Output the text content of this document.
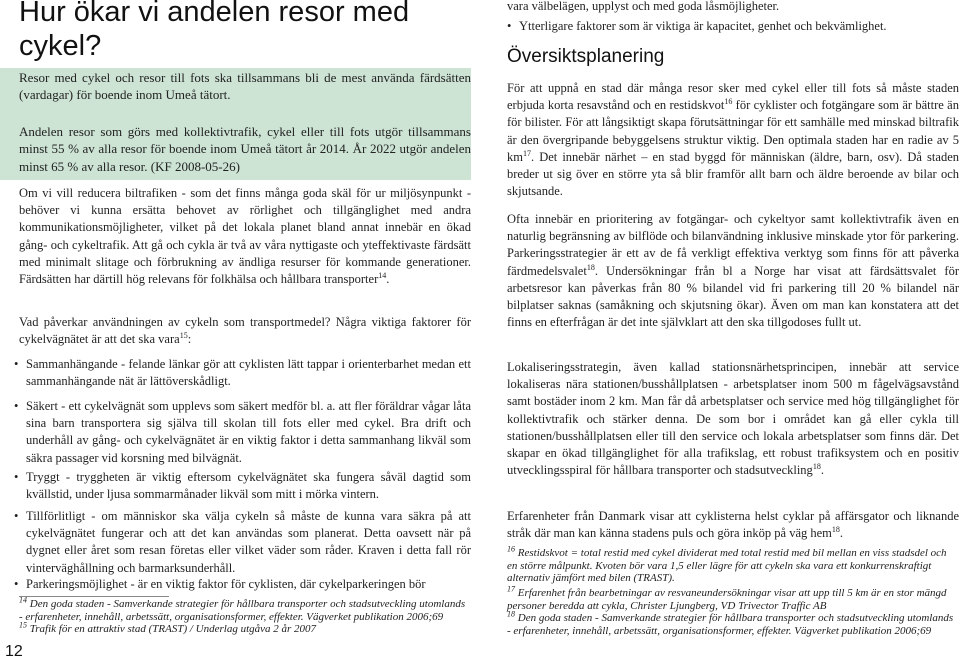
Hur ökar vi andelen resor med cykel?

Resor med cykel och resor till fots ska tillsammans bli de mest använda färdsätten (vardagar) för boende inom Umeå tätort.

Andelen resor som görs med kollektivtrafik, cykel eller till fots utgör tillsammans minst 55 % av alla resor för boende inom Umeå tätort år 2014. År 2022 utgör andelen minst 65 % av alla resor. (KF 2008-05-26)

Om vi vill reducera biltrafiken - som det finns många goda skäl för ur miljösynpunkt - behöver vi kunna ersätta behovet av rörlighet och tillgänglighet med andra kommunikationsmöjligheter, vilket på det lokala planet bland annat innebär en ökad gång- och cykeltrafik. Att gå och cykla är två av våra nyttigaste och yteffektivaste färdsätt med minimalt slitage och förbrukning av ändliga resurser för kommande generationer. Färdsätten har därtill hög relevans för folkhälsa och hållbara transporter$^{14}$.

Vad påverkar användningen av cykeln som transportmedel? Några viktiga faktorer för cykelvägnätet är att det ska vara$^{15}$:

• Sammanhängande - felande länkar gör att cyklisten lätt tappar i orienterbarhet medan ett sammanhängande nät är lättöverskådligt.
• Säkert - ett cykelvägnät som upplevs som säkert medför bl. a. att fler föräldrar vågar låta sina barn transportera sig själva till skolan till fots eller med cykel. Bra drift och underhåll av gång- och cykelvägnätet är en viktig faktor i detta sammanhang likväl som säkra passager vid korsning med bilvägnät.
• Tryggt - tryggheten är viktig eftersom cykelvägnätet ska fungera såväl dagtid som kvällstid, under ljusa sommarmånader likväl som mitt i mörka vintern.
• Tillförlitligt - om människor ska välja cykeln så måste de kunna vara säkra på att cykelvägnätet fungerar och att det kan användas som planerat. Detta oavsett när på dygnet eller året som resan företas eller vilket väder som råder. Kraven i detta fall rör vinterväghållning och barmarksunderhåll.
• Parkeringsmöjlighet - är en viktig faktor för cyklisten, där cykelparkeringen bör

$^{14}$ Den goda staden - Samverkande strategier för hållbara transporter och stadsutveckling utomlands - erfarenheter, innehåll, arbetssätt, organisationsformer, effekter. Vägverket publikation 2006;69

$^{15}$ Trafik för en attraktiv stad (TRAST) / Underlag utgåva 2 år 2007

12

vara välbelägen, upplyst och med goda låsmöjligheter.

• Ytterligare faktorer som är viktiga är kapacitet, genhet och bekvämlighet.
Översiktsplanering

För att uppnå en stad där många resor sker med cykel eller till fots så måste staden erbjuda korta resavstånd och en restidskvot$^{16}$ för cyklister och fotgängare som är bättre än för bilister. För att långsiktigt skapa förutsättningar för ett samhälle med minskad biltrafik är den övergripande bebyggelsens struktur viktig. Den optimala staden har en radie av 5 $km^{17}$. Det innebär närhet – en stad byggd för människan (äldre, barn, osv). Då staden breder ut sig över en större yta så blir framför allt barn och äldre beroende av bilar och skjutsande.

Ofta innebär en prioritering av fotgängar- och cykeltyor samt kollektivtrafik även en naturlig begränsning av bilflöde och bilanvändning inklusive minskade ytor för parkering. Parkeringsstrategier är ett av de få verkligt effektiva verktyg som finns för att påverka färdmedelsvalet$^{18}$. Undersökningar från bl a Norge har visat att färdsättsvalet för arbetsresor kan påverkas från 80 % bilandel vid fri parkering till 20 % bilandel när bilplatser saknas (samåkning och skjutsning ökar). Även om man kan konstatera att det finns en efterfrågan är det inte självklart att den ska tillgodoses fullt ut.

Lokaliseringsstrategin, även kallad stationsnärhetsprincipen, innebär att service lokaliseras nära stationen/busshållplatsen - arbetsplatser inom 500 m fågelvägsavstånd samt bostäder inom 2 km. Man får då arbetsplatser och service med hög tillgänglighet för kollektivtrafik och stärker denna. De som bor i området kan gå eller cykla till stationen/busshållplatsen eller till den service och lokala arbetsplatser som finns där. Det skapar en ökad tillgänglighet för alla trafikslag, ett robust trafiksystem och en positiv utvecklingsspiral för hållbara transporter och stadsutveckling$^{18}$.

Erfarenheter från Danmark visar att cyklisterna helst cyklar på affärsgator och liknande stråk där man kan känna stadens puls och göra inköp på väg hem$^{18}$.

$^{16}$ Restidskvot = total restid med cykel dividerat med total restid med bil mellan en viss stadsdel och en större målpunkt. Kvoten bör vara 1,5 eller lägre för att cykeln ska vara ett konkurrenskraftigt alternativ jämfört med bilen (TRAST).

$^{17}$ Erfarenhet från bearbetningar av resvaneundersökningar visar att upp till 5 km är en stor mängd personer beredda att cykla, Christer Ljungberg, VD Trivector Traffic AB

$^{18}$ Den goda staden - Samverkande strategier för hållbara transporter och stadsutveckling utomlands - erfarenheter, innehåll, arbetssätt, organisationsformer, effekter. Vägverket publikation 2006;69
